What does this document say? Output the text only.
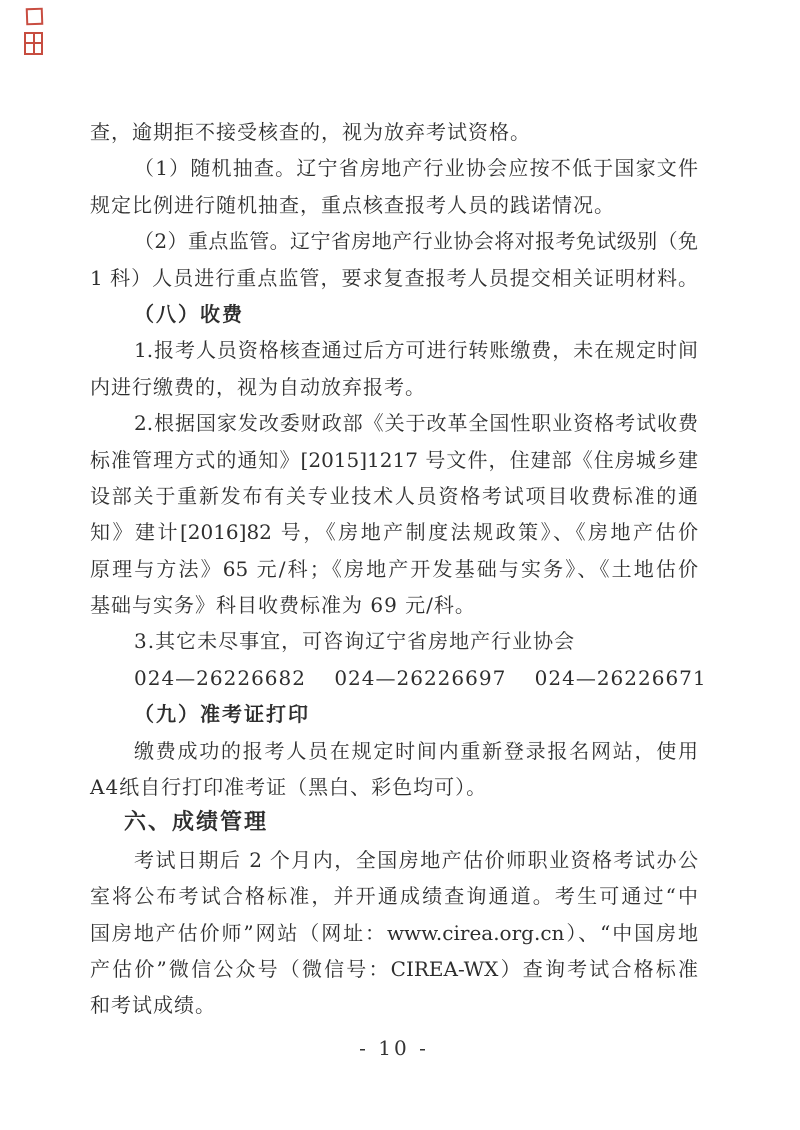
查，逾期拒不接受核查的，视为放弃考试资格。
（1）随机抽查。辽宁省房地产行业协会应按不低于国家文件
规定比例进行随机抽查，重点核查报考人员的践诺情况。
（2）重点监管。辽宁省房地产行业协会将对报考免试级别（免
1 科）人员进行重点监管，要求复查报考人员提交相关证明材料。
（八）收费
1.报考人员资格核查通过后方可进行转账缴费，未在规定时间
内进行缴费的，视为自动放弃报考。
2.根据国家发改委财政部《关于改革全国性职业资格考试收费
标准管理方式的通知》[2015]1217 号文件，住建部《住房城乡建
设部关于重新发布有关专业技术人员资格考试项目收费标准的通
知》建计[2016]82 号，《房地产制度法规政策》、《房地产估价
原理与方法》65 元/科；《房地产开发基础与实务》、《土地估价
基础与实务》科目收费标准为 69 元/科。
3.其它未尽事宜，可咨询辽宁省房地产行业协会
024—26226682　 024—26226697　 024—26226671
（九）准考证打印
缴费成功的报考人员在规定时间内重新登录报名网站，使用
A4纸自行打印准考证（黑白、彩色均可）。
六、成绩管理
考试日期后 2 个月内，全国房地产估价师职业资格考试办公
室将公布考试合格标准，并开通成绩查询通道。考生可通过“中
国房地产估价师”网站（网址：www.cirea.org.cn）、“中国房地
产估价”微信公众号（微信号：CIREA-WX）查询考试合格标准
和考试成绩。
- 10 -
